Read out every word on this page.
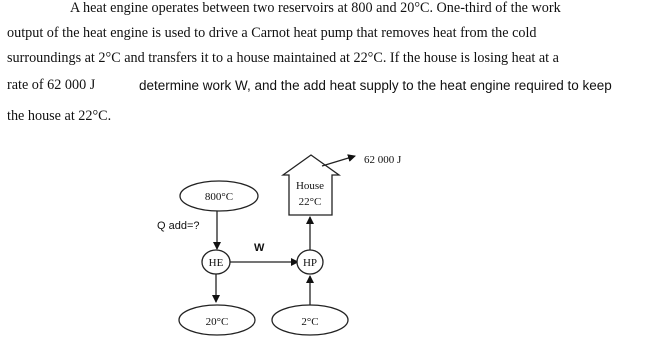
A heat engine operates between two reservoirs at 800 and 20°C. One-third of the work
output of the heat engine is used to drive a Carnot heat pump that removes heat from the cold
surroundings at 2°C and transfers it to a house maintained at 22°C. If the house is losing heat at a
rate of 62 000 J	determine work W, and the add heat supply to the heat engine required to keep
the house at 22°C.
800°C
Q add=?
HE
W
20°C
HP
2°C
House
22°C
62 000 J
